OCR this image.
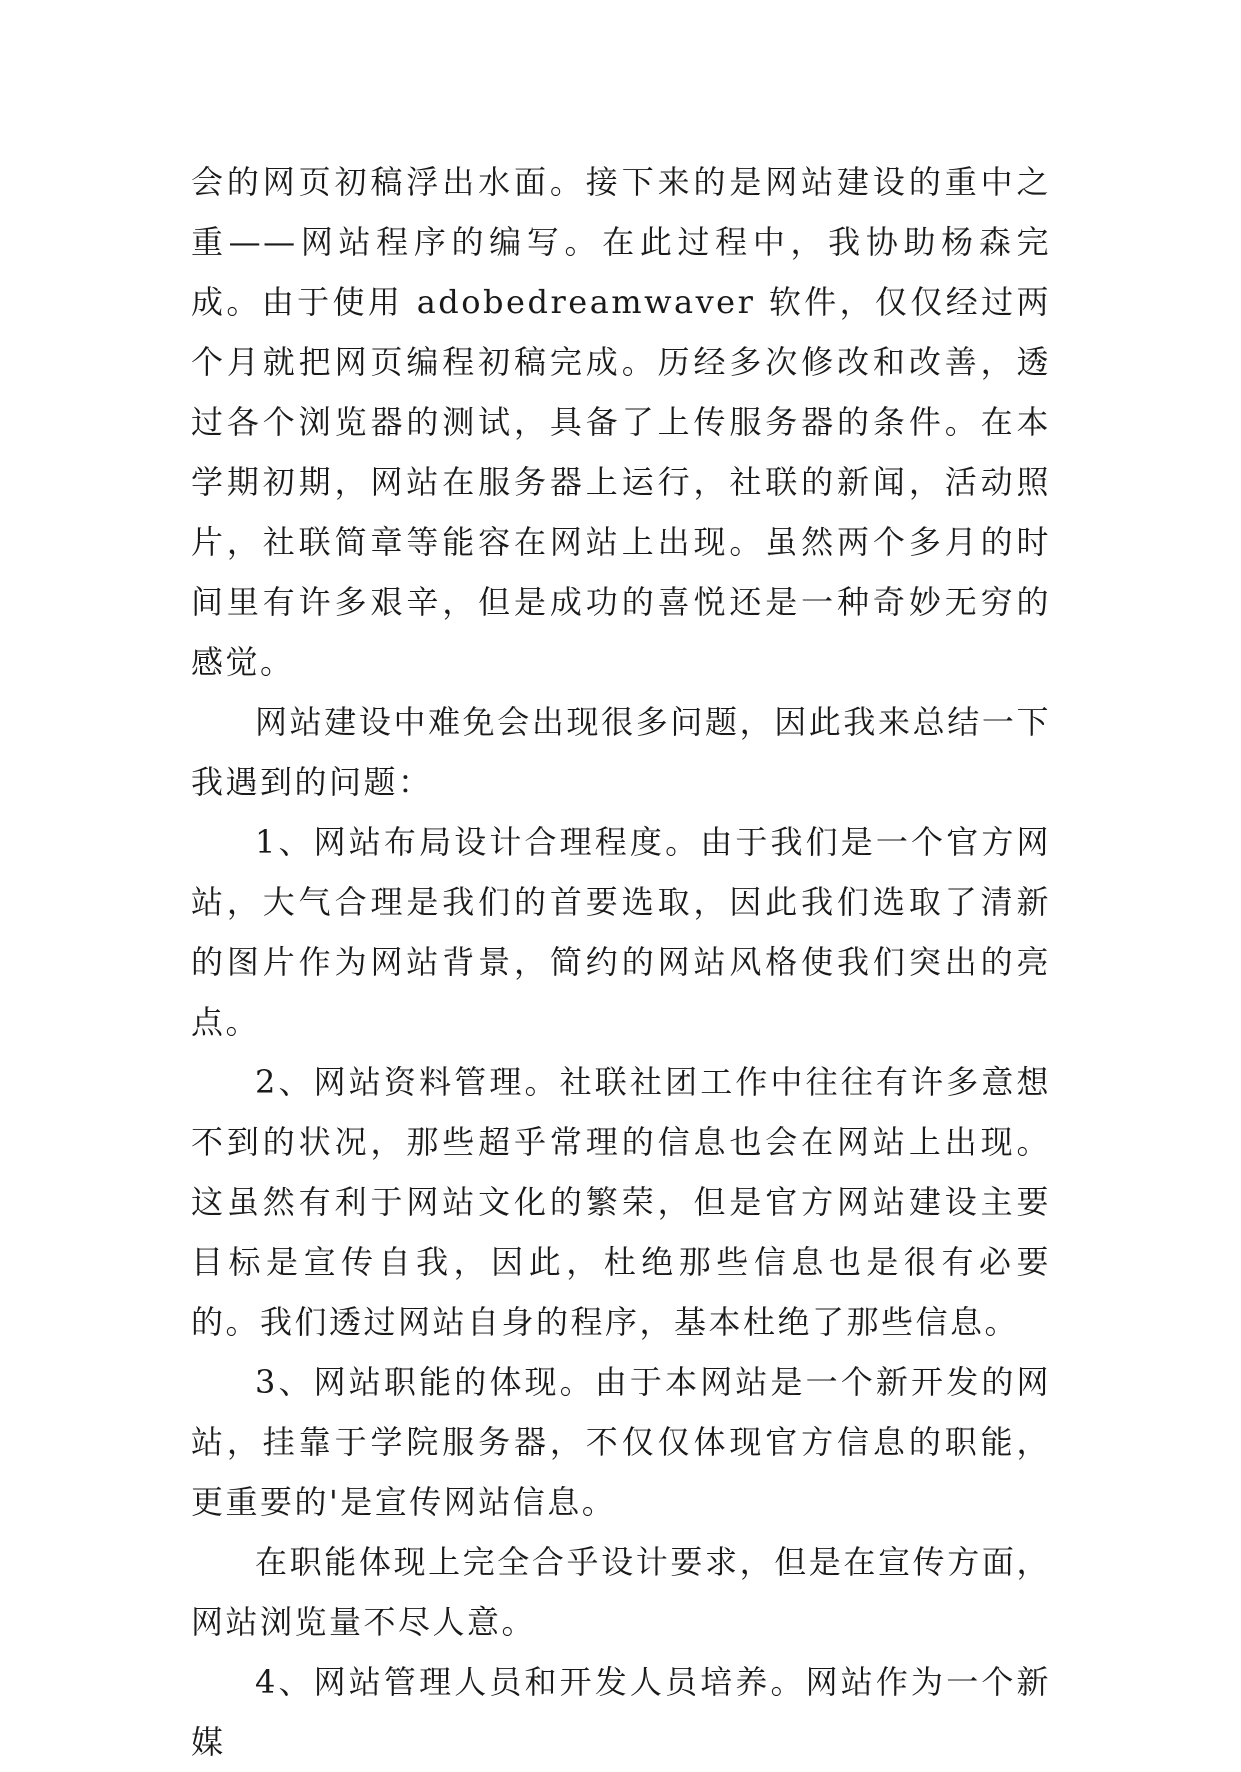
会的网页初稿浮出水面。接下来的是网站建设的重中之重——网站程序的编写。在此过程中，我协助杨森完成。由于使用 adobedreamwaver 软件，仅仅经过两个月就把网页编程初稿完成。历经多次修改和改善，透过各个浏览器的测试，具备了上传服务器的条件。在本学期初期，网站在服务器上运行，社联的新闻，活动照片，社联简章等能容在网站上出现。虽然两个多月的时间里有许多艰辛，但是成功的喜悦还是一种奇妙无穷的感觉。

网站建设中难免会出现很多问题，因此我来总结一下我遇到的问题：

1、网站布局设计合理程度。由于我们是一个官方网站，大气合理是我们的首要选取，因此我们选取了清新的图片作为网站背景，简约的网站风格使我们突出的亮点。

2、网站资料管理。社联社团工作中往往有许多意想不到的状况，那些超乎常理的信息也会在网站上出现。这虽然有利于网站文化的繁荣，但是官方网站建设主要目标是宣传自我，因此，杜绝那些信息也是很有必要的。我们透过网站自身的程序，基本杜绝了那些信息。

3、网站职能的体现。由于本网站是一个新开发的网站，挂靠于学院服务器，不仅仅体现官方信息的职能，更重要的'是宣传网站信息。

在职能体现上完全合乎设计要求，但是在宣传方面，网站浏览量不尽人意。

4、网站管理人员和开发人员培养。网站作为一个新媒
